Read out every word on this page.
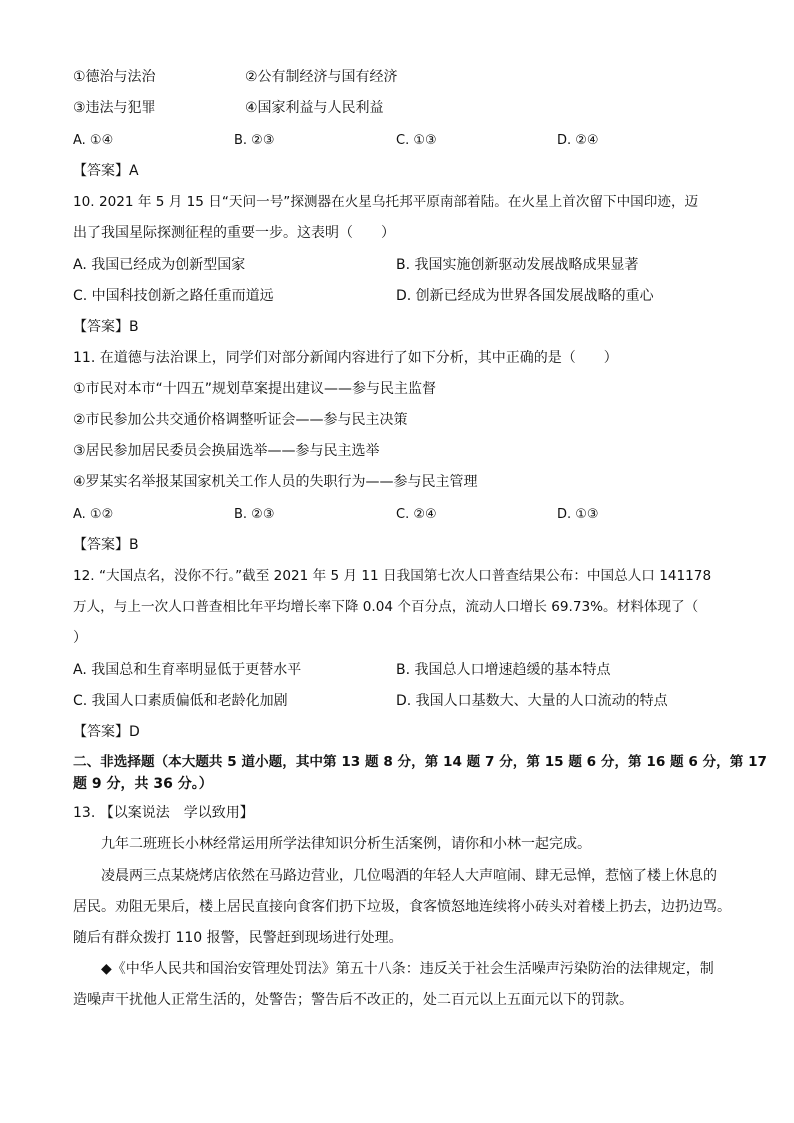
①德治与法治	②公有制经济与国有经济
③违法与犯罪	④国家利益与人民利益
A. ①④	B. ②③	C. ①③	D. ②④
【答案】A
10. 2021 年 5 月 15 日“天问一号”探测器在火星乌托邦平原南部着陆。在火星上首次留下中国印迹，迈
出了我国星际探测征程的重要一步。这表明（　　）
A. 我国已经成为创新型国家	B. 我国实施创新驱动发展战略成果显著
C. 中国科技创新之路任重而道远	D. 创新已经成为世界各国发展战略的重心
【答案】B
11. 在道德与法治课上，同学们对部分新闻内容进行了如下分析，其中正确的是（　　）
①市民对本市“十四五”规划草案提出建议——参与民主监督
②市民参加公共交通价格调整听证会——参与民主决策
③居民参加居民委员会换届选举——参与民主选举
④罗某实名举报某国家机关工作人员的失职行为——参与民主管理
A. ①②	B. ②③	C. ②④	D. ①③
【答案】B
12. “大国点名，没你不行。”截至 2021 年 5 月 11 日我国第七次人口普查结果公布：中国总人口 141178
万人，与上一次人口普查相比年平均增长率下降 0.04 个百分点，流动人口增长 69.73%。材料体现了（
）
A. 我国总和生育率明显低于更替水平	B. 我国总人口增速趋缓的基本特点
C. 我国人口素质偏低和老龄化加剧	D. 我国人口基数大、大量的人口流动的特点
【答案】D
二、非选择题（本大题共 5 道小题，其中第 13 题 8 分，第 14 题 7 分，第 15 题 6 分，第 16 题 6 分，第 17
题 9 分，共 36 分。）
13. 【以案说法　学以致用】
九年二班班长小林经常运用所学法律知识分析生活案例，请你和小林一起完成。
凌晨两三点某烧烤店依然在马路边营业，几位喝酒的年轻人大声喧闹、肆无忌惮，惹恼了楼上休息的
居民。劝阻无果后，楼上居民直接向食客们扔下垃圾，食客愤怒地连续将小砖头对着楼上扔去，边扔边骂。
随后有群众拨打 110 报警，民警赶到现场进行处理。
◆《中华人民共和国治安管理处罚法》第五十八条：违反关于社会生活噪声污染防治的法律规定，制
造噪声干扰他人正常生活的，处警告；警告后不改正的，处二百元以上五面元以下的罚款。
